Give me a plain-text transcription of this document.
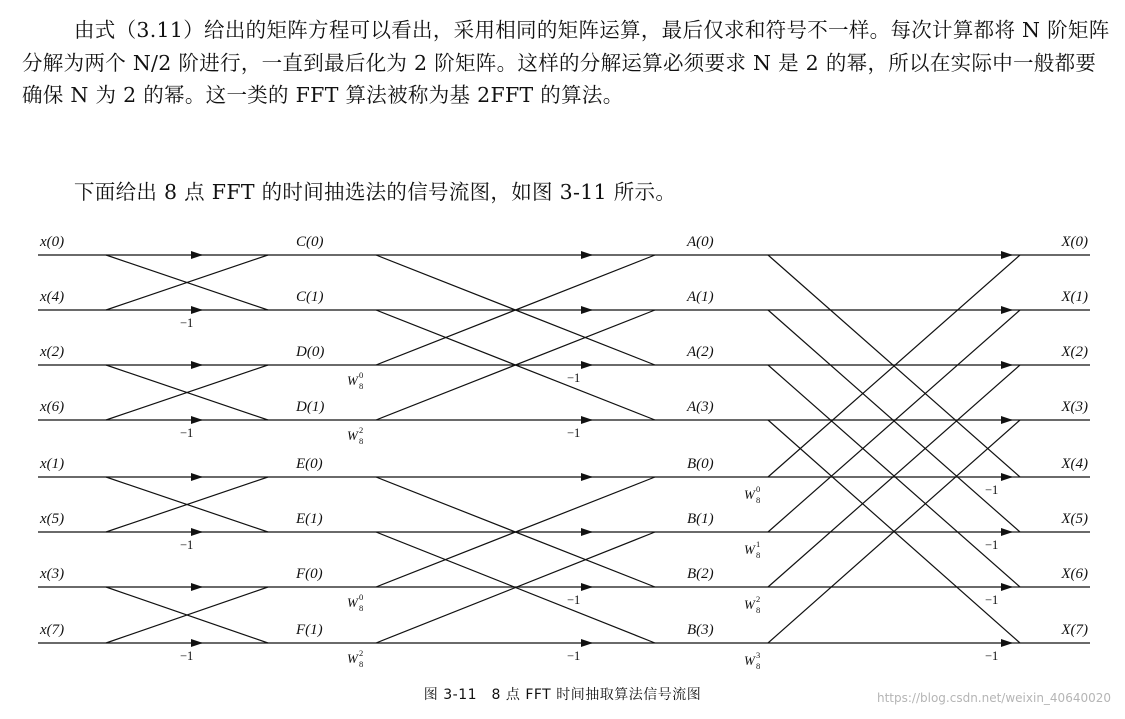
由式（3.11）给出的矩阵方程可以看出，采用相同的矩阵运算，最后仅求和符号不一样。每次计算都将 N 阶矩阵分解为两个 N/2 阶进行，一直到最后化为 2 阶矩阵。这样的分解运算必须要求 N 是 2 的幂，所以在实际中一般都要确保 N 为 2 的幂。这一类的 FFT 算法被称为基 2FFT 的算法。

下面给出 8 点 FFT 的时间抽选法的信号流图，如图 3-11 所示。

x(0)
x(4)
x(2)
x(6)
x(1)
x(5)
x(3)
x(7)
C(0)
C(1)
D(0)
D(1)
E(0)
E(1)
F(0)
F(1)
A(0)
A(1)
A(2)
A(3)
B(0)
B(1)
B(2)
B(3)
X(0)
X(1)
X(2)
X(3)
X(4)
X(5)
X(6)
X(7)
−1
−1
−1
−1
−1
−1
−1
−1
−1
−1
−1
−1
W 0
8
W 2
8
W 0
8
W 2
8
W 0
8
W 1
8
W 2
8
W 3
8
图 3-11　8 点 FFT 时间抽取算法信号流图	https://blog.csdn.net/weixin_40640020
